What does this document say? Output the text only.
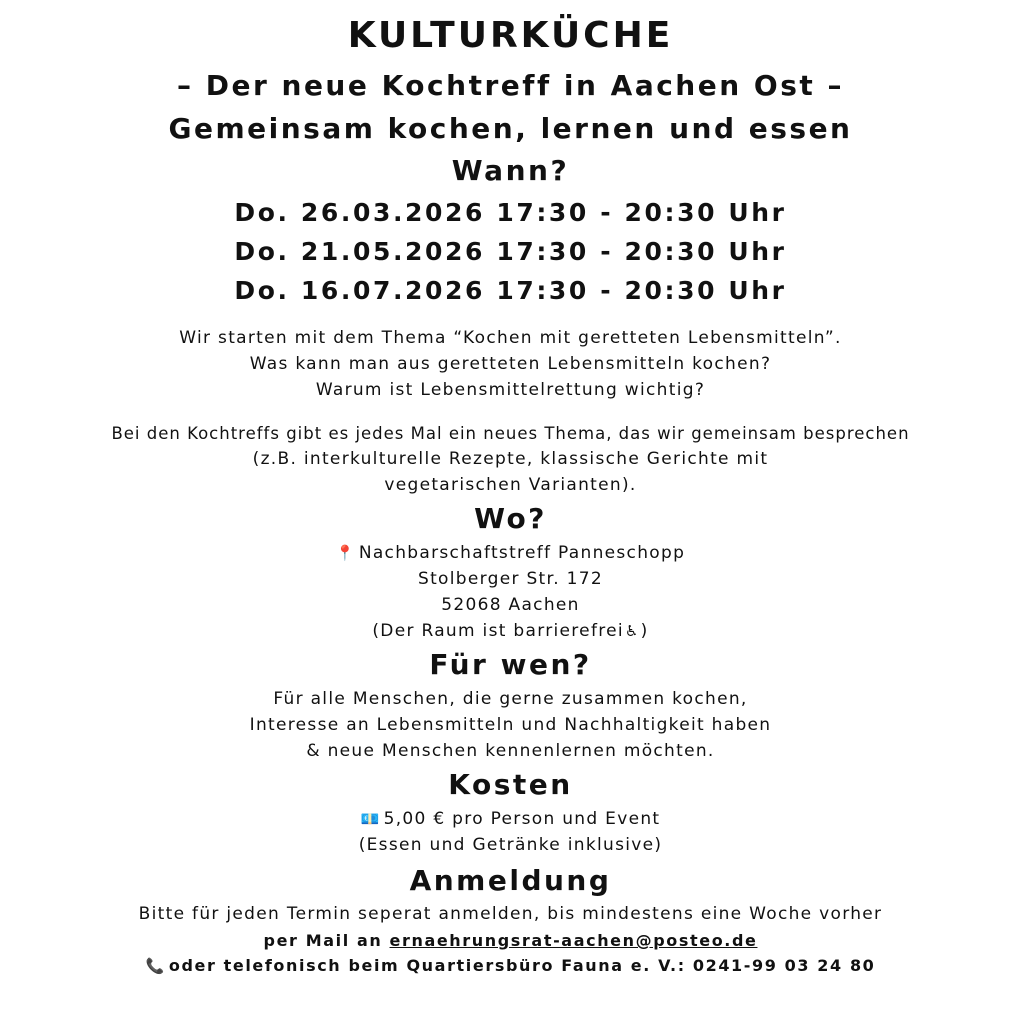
KULTURKÜCHE
– Der neue Kochtreff in Aachen Ost –
Gemeinsam kochen, lernen und essen
Wann?
Do. 26.03.2026 17:30 - 20:30 Uhr
Do. 21.05.2026 17:30 - 20:30 Uhr
Do. 16.07.2026 17:30 - 20:30 Uhr
Wir starten mit dem Thema “Kochen mit geretteten Lebensmitteln”.
Was kann man aus geretteten Lebensmitteln kochen?
Warum ist Lebensmittelrettung wichtig?
Bei den Kochtreffs gibt es jedes Mal ein neues Thema, das wir gemeinsam besprechen
(z.B. interkulturelle Rezepte, klassische Gerichte mit
vegetarischen Varianten).
Wo?
📍 Nachbarschaftstreff Panneschopp
Stolberger Str. 172
52068 Aachen
(Der Raum ist barrierefrei♿)
Für wen?
Für alle Menschen, die gerne zusammen kochen,
Interesse an Lebensmitteln und Nachhaltigkeit haben
& neue Menschen kennenlernen möchten.
Kosten
💶 5,00 € pro Person und Event
(Essen und Getränke inklusive)
Anmeldung
Bitte für jeden Termin seperat anmelden, bis mindestens eine Woche vorher
per Mail an ernaehrungsrat-aachen@posteo.de
📞 oder telefonisch beim Quartiersbüro Fauna e. V.: 0241-99 03 24 80
